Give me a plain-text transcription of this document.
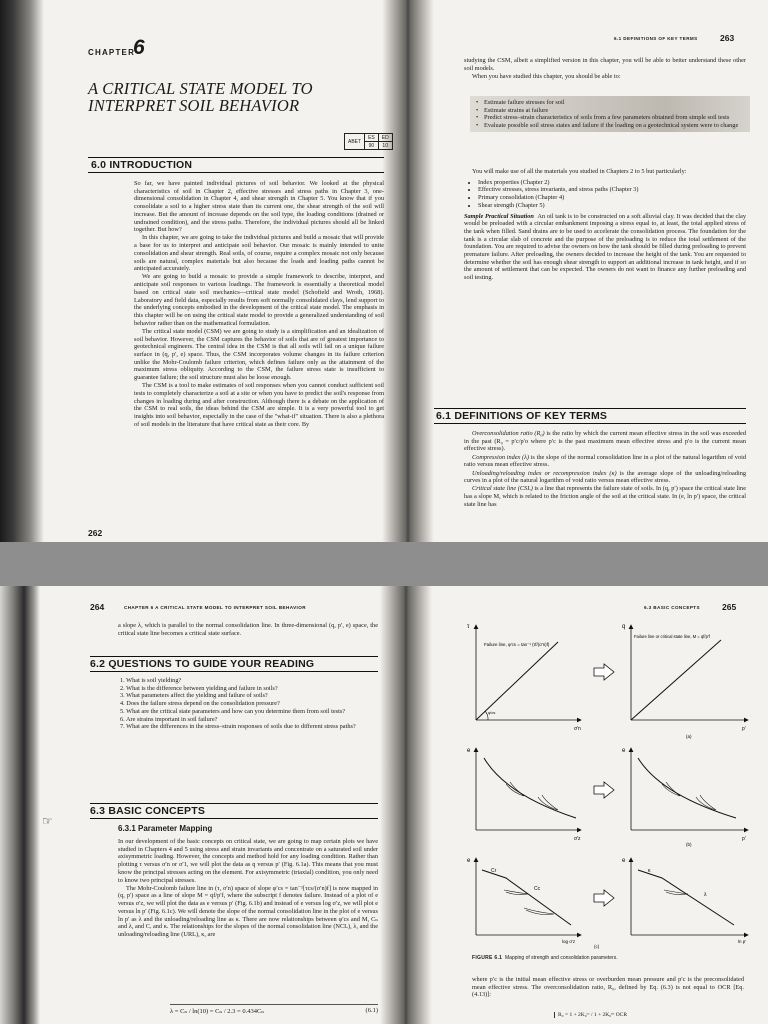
CHAPTER
6
A CRITICAL STATE MODEL TO
INTERPRET SOIL BEHAVIOR
ABET	ES	ED
	90	10
6.0 INTRODUCTION

So far, we have painted individual pictures of soil behavior. We looked at the physical characteristics of soil in Chapter 2, effective stresses and stress paths in Chapter 3, one-dimensional consolidation in Chapter 4, and shear strength in Chapter 5. You know that if you consolidate a soil to a higher stress state than its current one, the shear strength of the soil will increase. But the amount of increase depends on the soil type, the loading conditions (drained or undrained condition), and the stress paths. Therefore, the individual pictures should all be linked together. But how?

In this chapter, we are going to take the individual pictures and build a mosaic that will provide a base for us to interpret and anticipate soil behavior. Our mosaic is mainly intended to unite consolidation and shear strength. Real soils, of course, require a complex mosaic not only because soils are natural, complex materials but also because the loads and loading paths cannot be anticipated accurately.

We are going to build a mosaic to provide a simple framework to describe, interpret, and anticipate soil responses to various loadings. The framework is essentially a theoretical model based on critical state soil mechanics—critical state model (Schofield and Wroth, 1968). Laboratory and field data, especially results from soft normally consolidated clays, lend support to the underlying concepts embodied in the development of the critical state model. The emphasis in this chapter will be on using the critical state model to provide a generalized understanding of soil behavior rather than on the mathematical formulation.

The critical state model (CSM) we are going to study is a simplification and an idealization of soil behavior. However, the CSM captures the behavior of soils that are of greatest importance to geotechnical engineers. The central idea in the CSM is that all soils will fail on a unique failure surface in (q, p′, e) space. Thus, the CSM incorporates volume changes in its failure criterion unlike the Mohr-Coulomb failure criterion, which defines failure only as the attainment of the maximum stress obliquity. According to the CSM, the failure stress state is insufficient to guarantee failure; the soil structure must also be loose enough.

The CSM is a tool to make estimates of soil responses when you cannot conduct sufficient soil tests to completely characterize a soil at a site or when you have to predict the soil's response from changes in loading during and after construction. Although there is a debate on the application of the CSM to real soils, the ideas behind the CSM are simple. It is a very powerful tool to get insights into soil behavior, especially in the case of the "what-if" situation. There is also a plethora of soil models in the literature that have critical state as their core. By

262
6.1 DEFINITIONS OF KEY TERMS	263

studying the CSM, albeit a simplified version in this chapter, you will be able to better understand these other soil models.

When you have studied this chapter, you should be able to:

• Estimate failure stresses for soil
• Estimate strains at failure
• Predict stress–strain characteristics of soils from a few parameters obtained from simple soil tests
• Evaluate possible soil stress states and failure if the loading on a geotechnical system were to change

You will make use of all the materials you studied in Chapters 2 to 5 but particularly:

• Index properties (Chapter 2)
• Effective stresses, stress invariants, and stress paths (Chapter 3)
• Primary consolidation (Chapter 4)
• Shear strength (Chapter 5)

Sample Practical Situation An oil tank is to be constructed on a soft alluvial clay. It was decided that the clay would be preloaded with a circular embankment imposing a stress equal to, at least, the total applied stress of the tank when filled. Sand drains are to be used to accelerate the consolidation process. The foundation for the tank is a circular slab of concrete and the purpose of the preloading is to reduce the total settlement of the foundation. You are required to advise the owners on how the tank should be filled during preloading to prevent premature failure. After preloading, the owners decided to increase the height of the tank. You are requested to determine whether the soil has enough shear strength to support an additional increase in tank height, and if so the amount of settlement that can be expected. The owners do not want to finance any further preloading and soil testing.

6.1 DEFINITIONS OF KEY TERMS

Overconsolidation ratio (R₀) is the ratio by which the current mean effective stress in the soil was exceeded in the past (R₀ = p′c/p′o where p′c is the past maximum mean effective stress and p′o is the current mean effective stress).

Compression index (λ) is the slope of the normal consolidation line in a plot of the natural logarithm of void ratio versus mean effective stress.

Unloading/reloading index or recompression index (κ) is the average slope of the unloading/reloading curves in a plot of the natural logarithm of void ratio versus mean effective stress.

Critical state line (CSL) is a line that represents the failure state of soils. In (q, p′) space the critical state line has a slope M, which is related to the friction angle of the soil at the critical state. In (e, ln p′) space, the critical state line has

264	CHAPTER 6 A CRITICAL STATE MODEL TO INTERPRET SOIL BEHAVIOR

a slope λ, which is parallel to the normal consolidation line. In three-dimensional (q, p′, e) space, the critical state line becomes a critical state surface.

6.2 QUESTIONS TO GUIDE YOUR READING
1. What is soil yielding?
2. What is the difference between yielding and failure in soils?
3. What parameters affect the yielding and failure of soils?
4. Does the failure stress depend on the consolidation pressure?
5. What are the critical state parameters and how can you determine them from soil tests?
6. Are strains important in soil failure?
7. What are the differences in the stress–strain responses of soils due to different stress paths?
☞
6.3 BASIC CONCEPTS
6.3.1 Parameter Mapping

In our development of the basic concepts on critical state, we are going to map certain plots we have studied in Chapters 4 and 5 using stress and strain invariants and concentrate on a saturated soil under axisymmetric loading. However, the concepts and method hold for any loading condition. Rather than plotting τ versus σ′n or σ′1, we will plot the data as q versus p′ (Fig. 6.1a). This means that you must know the principal stresses acting on the element. For axisymmetric (triaxial) condition, you only need to know two principal stresses.

The Mohr-Coulomb failure line in (τ, σ′n) space of slope φ′cs = tan⁻¹[τcs/(σ′n)f] is now mapped in (q, p′) space as a line of slope M = qf/p′f, where the subscript f denotes failure. Instead of a plot of e versus σ′z, we will plot the data as e versus p′ (Fig. 6.1b) and instead of e versus log σ′z, we will plot e versus ln p′ (Fig. 6.1c). We will denote the slope of the normal consolidation line in the plot of e versus ln p′ as λ and the unloading/reloading line as κ. There are now relationships between φ′cs and M, Cₙ and λ, and Cᵣ and κ. The relationships for the slopes of the normal consolidation line (NCL), λ, and the unloading/reloading line (URL), κ, are

λ = Cₙ / ln(10) = Cₙ / 2.3 = 0.434Cₙ	(6.1)
6.3 BASIC CONCEPTS	265
τ
σ′n
Failure line, φ′cs = tan⁻¹ (τf/(σ′n)f)
φ′cs
q
p′
Failure line or critical state line, M = qf/p′f
(a)
e
σ′z
e
p′
(b)
e
Cr
Cc
log σ′z
e
κ
λ
ln p′
(c)
FIGURE 6.1 Mapping of strength and consolidation parameters.

where p′c is the initial mean effective stress or overburden mean pressure and p′c is the preconsolidated mean effective stress. The overconsolidation ratio, R₀, defined by Eq. (6.3) is not equal to OCR [Eq. (4.13)]:

R₀ = 1 + 2K₀ᵒᶜ / 1 + 2K₀ⁿᶜ OCR
